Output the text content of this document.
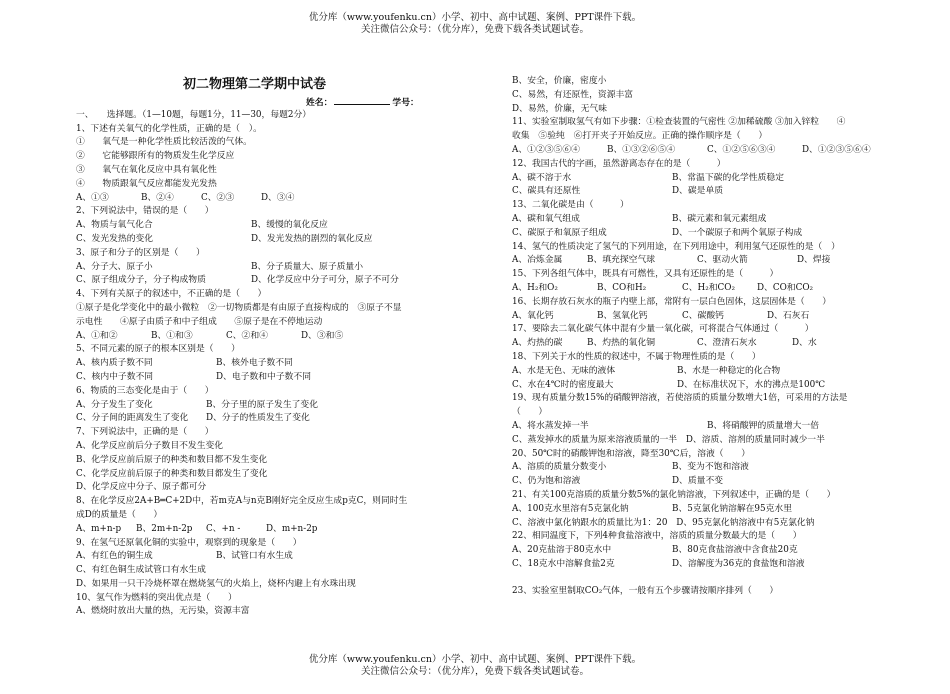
优分库（www.youfenku.cn）小学、初中、高中试题、案例、PPT课件下载。
关注微信公众号：（优分库），免费下载各类试题试卷。
初二物理第二学期中试卷
姓名：	学号：
一、　　选择题。（1—10题，每题1分，11—30，每题2分）
1、下述有关氧气的化学性质，正确的是（　）。
①　　氧气是一种化学性质比较活泼的气体。
②　　它能够跟所有的物质发生化学反应
③　　氧气在氧化反应中具有氧化性
④　　物质跟氧气反应都能发光发热
A、①③	B、②④	C、②③	D、③④
2、下列说法中，错误的是（　　）
A、物质与氧气化合	B、缓慢的氧化反应
C、发光发热的变化	D、发光发热的剧烈的氧化反应
3、原子和分子的区别是（　　）
A、分子大、原子小	B、分子质量大、原子质量小
C、原子组成分子，分子构成物质	D、化学反应中分子可分，原子不可分
4、下列有关原子的叙述中，不正确的是（　　）
①原子是化学变化中的最小微粒　②一切物质都是有由原子直接构成的　③原子不显
示电性　　④原子由质子和中子组成　　⑤原子是在不停地运动
A、①和②	B、①和③	C、②和④	D、③和⑤
5、不同元素的原子的根本区别是（　　）
A、核内质子数不同	B、核外电子数不同
C、核内中子数不同	D、电子数和中子数不同
6、物质的三态变化是由于（　　）
A、分子发生了变化	B、分子里的原子发生了变化
C、分子间的距离发生了变化 D、分子的性质发生了变化
7、下列说法中，正确的是（　　）
A、化学反应前后分子数目不发生变化
B、化学反应前后原子的种类和数目都不发生变化
C、化学反应前后原子的种类和数目都发生了变化
D、化学反应中分子、原子都可分
8、在化学反应2A+B═C+2D中，若m克A与n克B刚好完全反应生成p克C，则同时生
成D的质量是（　　）
A、m+n-p B、2m+n-2p C、+n -	D、m+n-2p
9、在氢气还原氧化铜的实验中，观察到的现象是（　　）
A、有红色的铜生成	B、试管口有水生成
C、有红色铜生成试管口有水生成
D、如果用一只干冷烧杯罩在燃烧氢气的火焰上，烧杯内避上有水珠出现
10、氢气作为燃料的突出优点是（　　）
A、燃烧时放出大量的热，无污染，资源丰富
B、安全，价廉，密度小
C、易然，有还原性，资源丰富
D、易然，价廉，无气味
11、实验室制取氢气有如下步骤：①检查装置的气密性 ②加稀硫酸 ③加入锌粒　　④
收集　⑤验纯　⑥打开夹子开始反应。正确的操作顺序是（　　）
A、①②③⑤⑥④	B、①③②⑥⑤④	C、①②⑤⑥③④	D、①②③⑤⑥④
12、我国古代的字画，虽然游离态存在的是（　　　）
A、碳不溶于水	B、常温下碳的化学性质稳定
C、碳具有还原性	D、碳是单质
13、二氧化碳是由（　　　）
A、碳和氧气组成	B、碳元素和氧元素组成
C、碳原子和氧原子组成	D、一个碳原子和两个氧原子构成
14、氢气的性质决定了氢气的下列用途，在下列用途中，利用氢气还原性的是（　）
A、冶炼金属	B、填充探空气球	C、驱动火箭	D、焊接
15、下列各组气体中，既具有可燃性，又具有还原性的是（　　　）
A、H₂和O₂	B、CO和H₂	C、H₂和CO₂	D、CO和CO₂
16、长期存放石灰水的瓶子内壁上部，常附有一层白色固体，这层固体是（　　）
A、氧化钙	B、氢氧化钙	C、碳酸钙	D、石灰石
17、要除去二氧化碳气体中混有少量一氧化碳，可将混合气体通过（　　　）
A、灼热的碳	B、灼热的氧化铜	C、澄清石灰水	D、水
18、下列关于水的性质的叙述中，不属于物理性质的是（　　）
A、水是无色、无味的液体	B、水是一种稳定的化合物
C、水在4℃时的密度最大	D、在标准状况下，水的沸点是100℃
19、现有质量分数15%的硝酸钾溶液，若使溶质的质量分数增大1倍，可采用的方法是
（　　）
A、将水蒸发掉一半	B、将硝酸钾的质量增大一倍
C、蒸发掉水的质量为原来溶液质量的一半　D、溶质、溶剂的质量同时减少一半
20、50℃时的硝酸钾饱和溶液，降至30℃后，溶液（　　）
A、溶质的质量分数变小	B、变为不饱和溶液
C、仍为饱和溶液	D、质量不变
21、有关100克溶质的质量分数5%的氯化钠溶液，下列叙述中，正确的是（　　）
A、100克水里溶有5克氯化钠	B、5克氯化钠溶解在95克水里
C、溶液中氯化钠跟水的质量比为1：20　D、95克氯化钠溶液中有5克氯化钠
22、相同温度下，下列4种食盐溶液中，溶质的质量分数最大的是（　　）
A、20克盐溶于80克水中	B、80克食盐溶液中含食盐20克
C、18克水中溶解食盐2克	D、溶解度为36克的食盐饱和溶液
23、实验室里制取CO₂气体，一般有五个步骤请按顺序排列（　　）
优分库（www.youfenku.cn）小学、初中、高中试题、案例、PPT课件下载。
关注微信公众号：（优分库），免费下载各类试题试卷。
